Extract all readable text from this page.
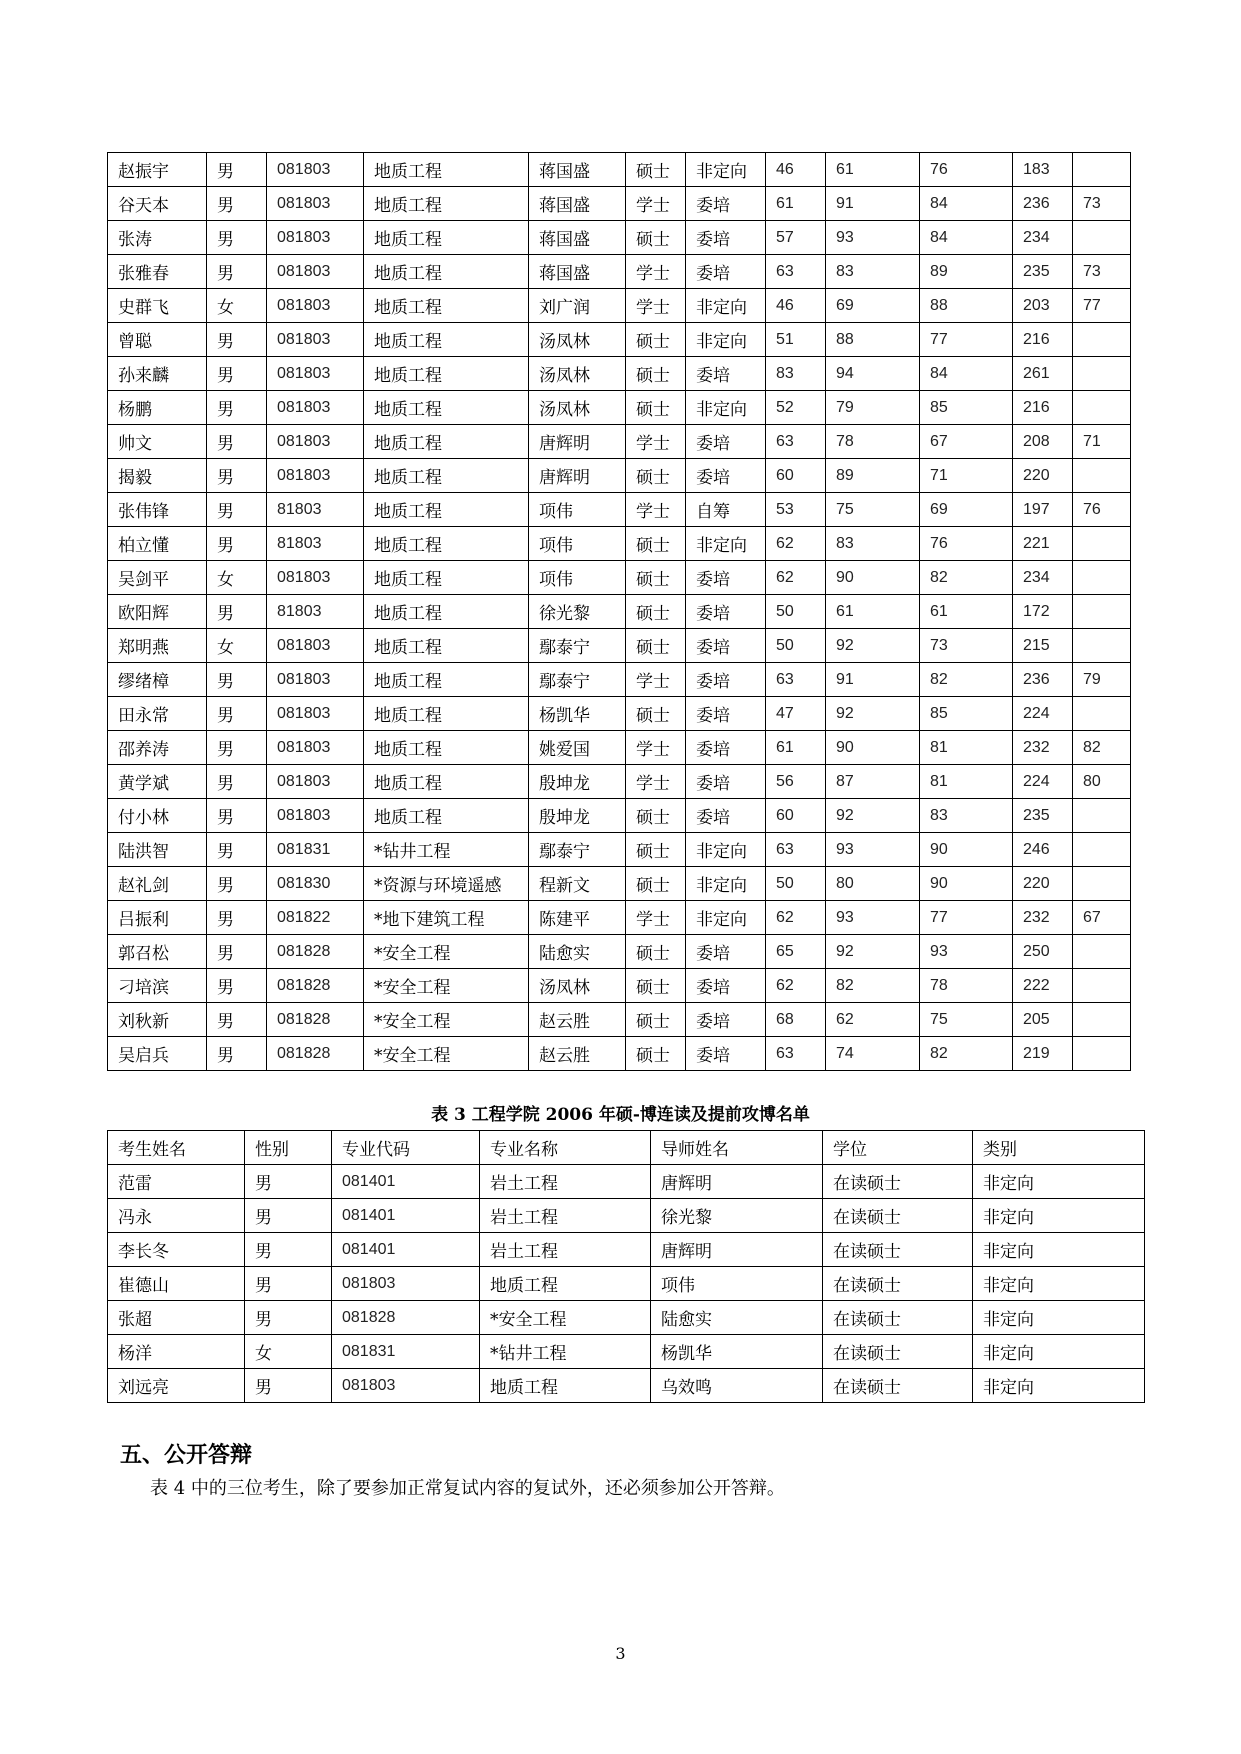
赵振宇	男	081803	地质工程	蒋国盛	硕士	非定向	46	61	76	183	
谷天本	男	081803	地质工程	蒋国盛	学士	委培	61	91	84	236	73
张涛	男	081803	地质工程	蒋国盛	硕士	委培	57	93	84	234	
张雅春	男	081803	地质工程	蒋国盛	学士	委培	63	83	89	235	73
史群飞	女	081803	地质工程	刘广润	学士	非定向	46	69	88	203	77
曾聪	男	081803	地质工程	汤凤林	硕士	非定向	51	88	77	216	
孙来麟	男	081803	地质工程	汤凤林	硕士	委培	83	94	84	261	
杨鹏	男	081803	地质工程	汤凤林	硕士	非定向	52	79	85	216	
帅文	男	081803	地质工程	唐辉明	学士	委培	63	78	67	208	71
揭毅	男	081803	地质工程	唐辉明	硕士	委培	60	89	71	220	
张伟锋	男	81803	地质工程	项伟	学士	自筹	53	75	69	197	76
柏立懂	男	81803	地质工程	项伟	硕士	非定向	62	83	76	221	
吴剑平	女	081803	地质工程	项伟	硕士	委培	62	90	82	234	
欧阳辉	男	81803	地质工程	徐光黎	硕士	委培	50	61	61	172	
郑明燕	女	081803	地质工程	鄢泰宁	硕士	委培	50	92	73	215	
缪绪樟	男	081803	地质工程	鄢泰宁	学士	委培	63	91	82	236	79
田永常	男	081803	地质工程	杨凯华	硕士	委培	47	92	85	224	
邵养涛	男	081803	地质工程	姚爱国	学士	委培	61	90	81	232	82
黄学斌	男	081803	地质工程	殷坤龙	学士	委培	56	87	81	224	80
付小林	男	081803	地质工程	殷坤龙	硕士	委培	60	92	83	235	
陆洪智	男	081831	*钻井工程	鄢泰宁	硕士	非定向	63	93	90	246	
赵礼剑	男	081830	*资源与环境遥感	程新文	硕士	非定向	50	80	90	220	
吕振利	男	081822	*地下建筑工程	陈建平	学士	非定向	62	93	77	232	67
郭召松	男	081828	*安全工程	陆愈实	硕士	委培	65	92	93	250	
刁培滨	男	081828	*安全工程	汤凤林	硕士	委培	62	82	78	222	
刘秋新	男	081828	*安全工程	赵云胜	硕士	委培	68	62	75	205	
吴启兵	男	081828	*安全工程	赵云胜	硕士	委培	63	74	82	219	
表 3 工程学院 2006 年硕-博连读及提前攻博名单
考生姓名	性别	专业代码	专业名称	导师姓名	学位	类别
范雷	男	081401	岩土工程	唐辉明	在读硕士	非定向
冯永	男	081401	岩土工程	徐光黎	在读硕士	非定向
李长冬	男	081401	岩土工程	唐辉明	在读硕士	非定向
崔德山	男	081803	地质工程	项伟	在读硕士	非定向
张超	男	081828	*安全工程	陆愈实	在读硕士	非定向
杨洋	女	081831	*钻井工程	杨凯华	在读硕士	非定向
刘远亮	男	081803	地质工程	乌效鸣	在读硕士	非定向
五、公开答辩
表 4 中的三位考生，除了要参加正常复试内容的复试外，还必须参加公开答辩。
3
